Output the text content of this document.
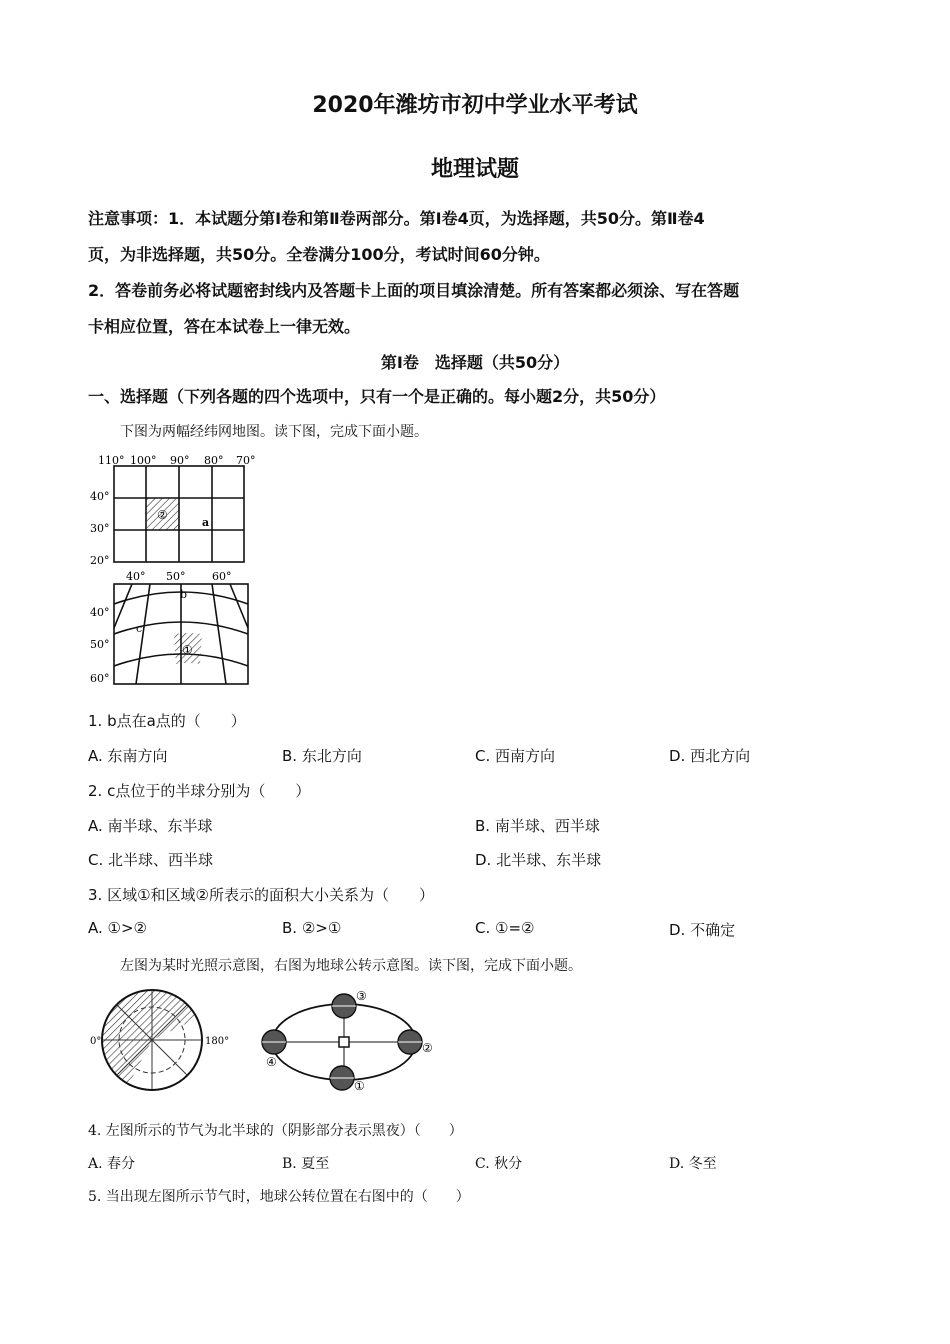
2020年潍坊市初中学业水平考试
地理试题
注意事项：1．本试题分第Ⅰ卷和第Ⅱ卷两部分。第Ⅰ卷4页，为选择题，共50分。第Ⅱ卷4
页，为非选择题，共50分。全卷满分100分，考试时间60分钟。
2．答卷前务必将试题密封线内及答题卡上面的项目填涂清楚。所有答案都必须涂、写在答题
卡相应位置，答在本试卷上一律无效。
第Ⅰ卷　选择题（共50分）
一、选择题（下列各题的四个选项中，只有一个是正确的。每小题2分，共50分）
下图为两幅经纬网地图。读下图，完成下面小题。
110° 100° 90° 80° 70°
40°
30°
20°
②
a
40° 50° 60°
40°
50°
60°
b
c
①
1. b点在a点的（　　）
A. 东南方向	B. 东北方向	C. 西南方向	D. 西北方向
2. c点位于的半球分别为（　　）
A. 南半球、东半球	B. 南半球、西半球
C. 北半球、西半球	D. 北半球、东半球
3. 区域①和区域②所表示的面积大小关系为（　　）
A. ①>②	B. ②>①	C. ①=②	D. 不确定
左图为某时光照示意图，右图为地球公转示意图。读下图，完成下面小题。
0°	180°
③
②
①
④
4. 左图所示的节气为北半球的（阴影部分表示黑夜）（　　）
A. 春分	B. 夏至	C. 秋分	D. 冬至
5. 当出现左图所示节气时，地球公转位置在右图中的（　　）
